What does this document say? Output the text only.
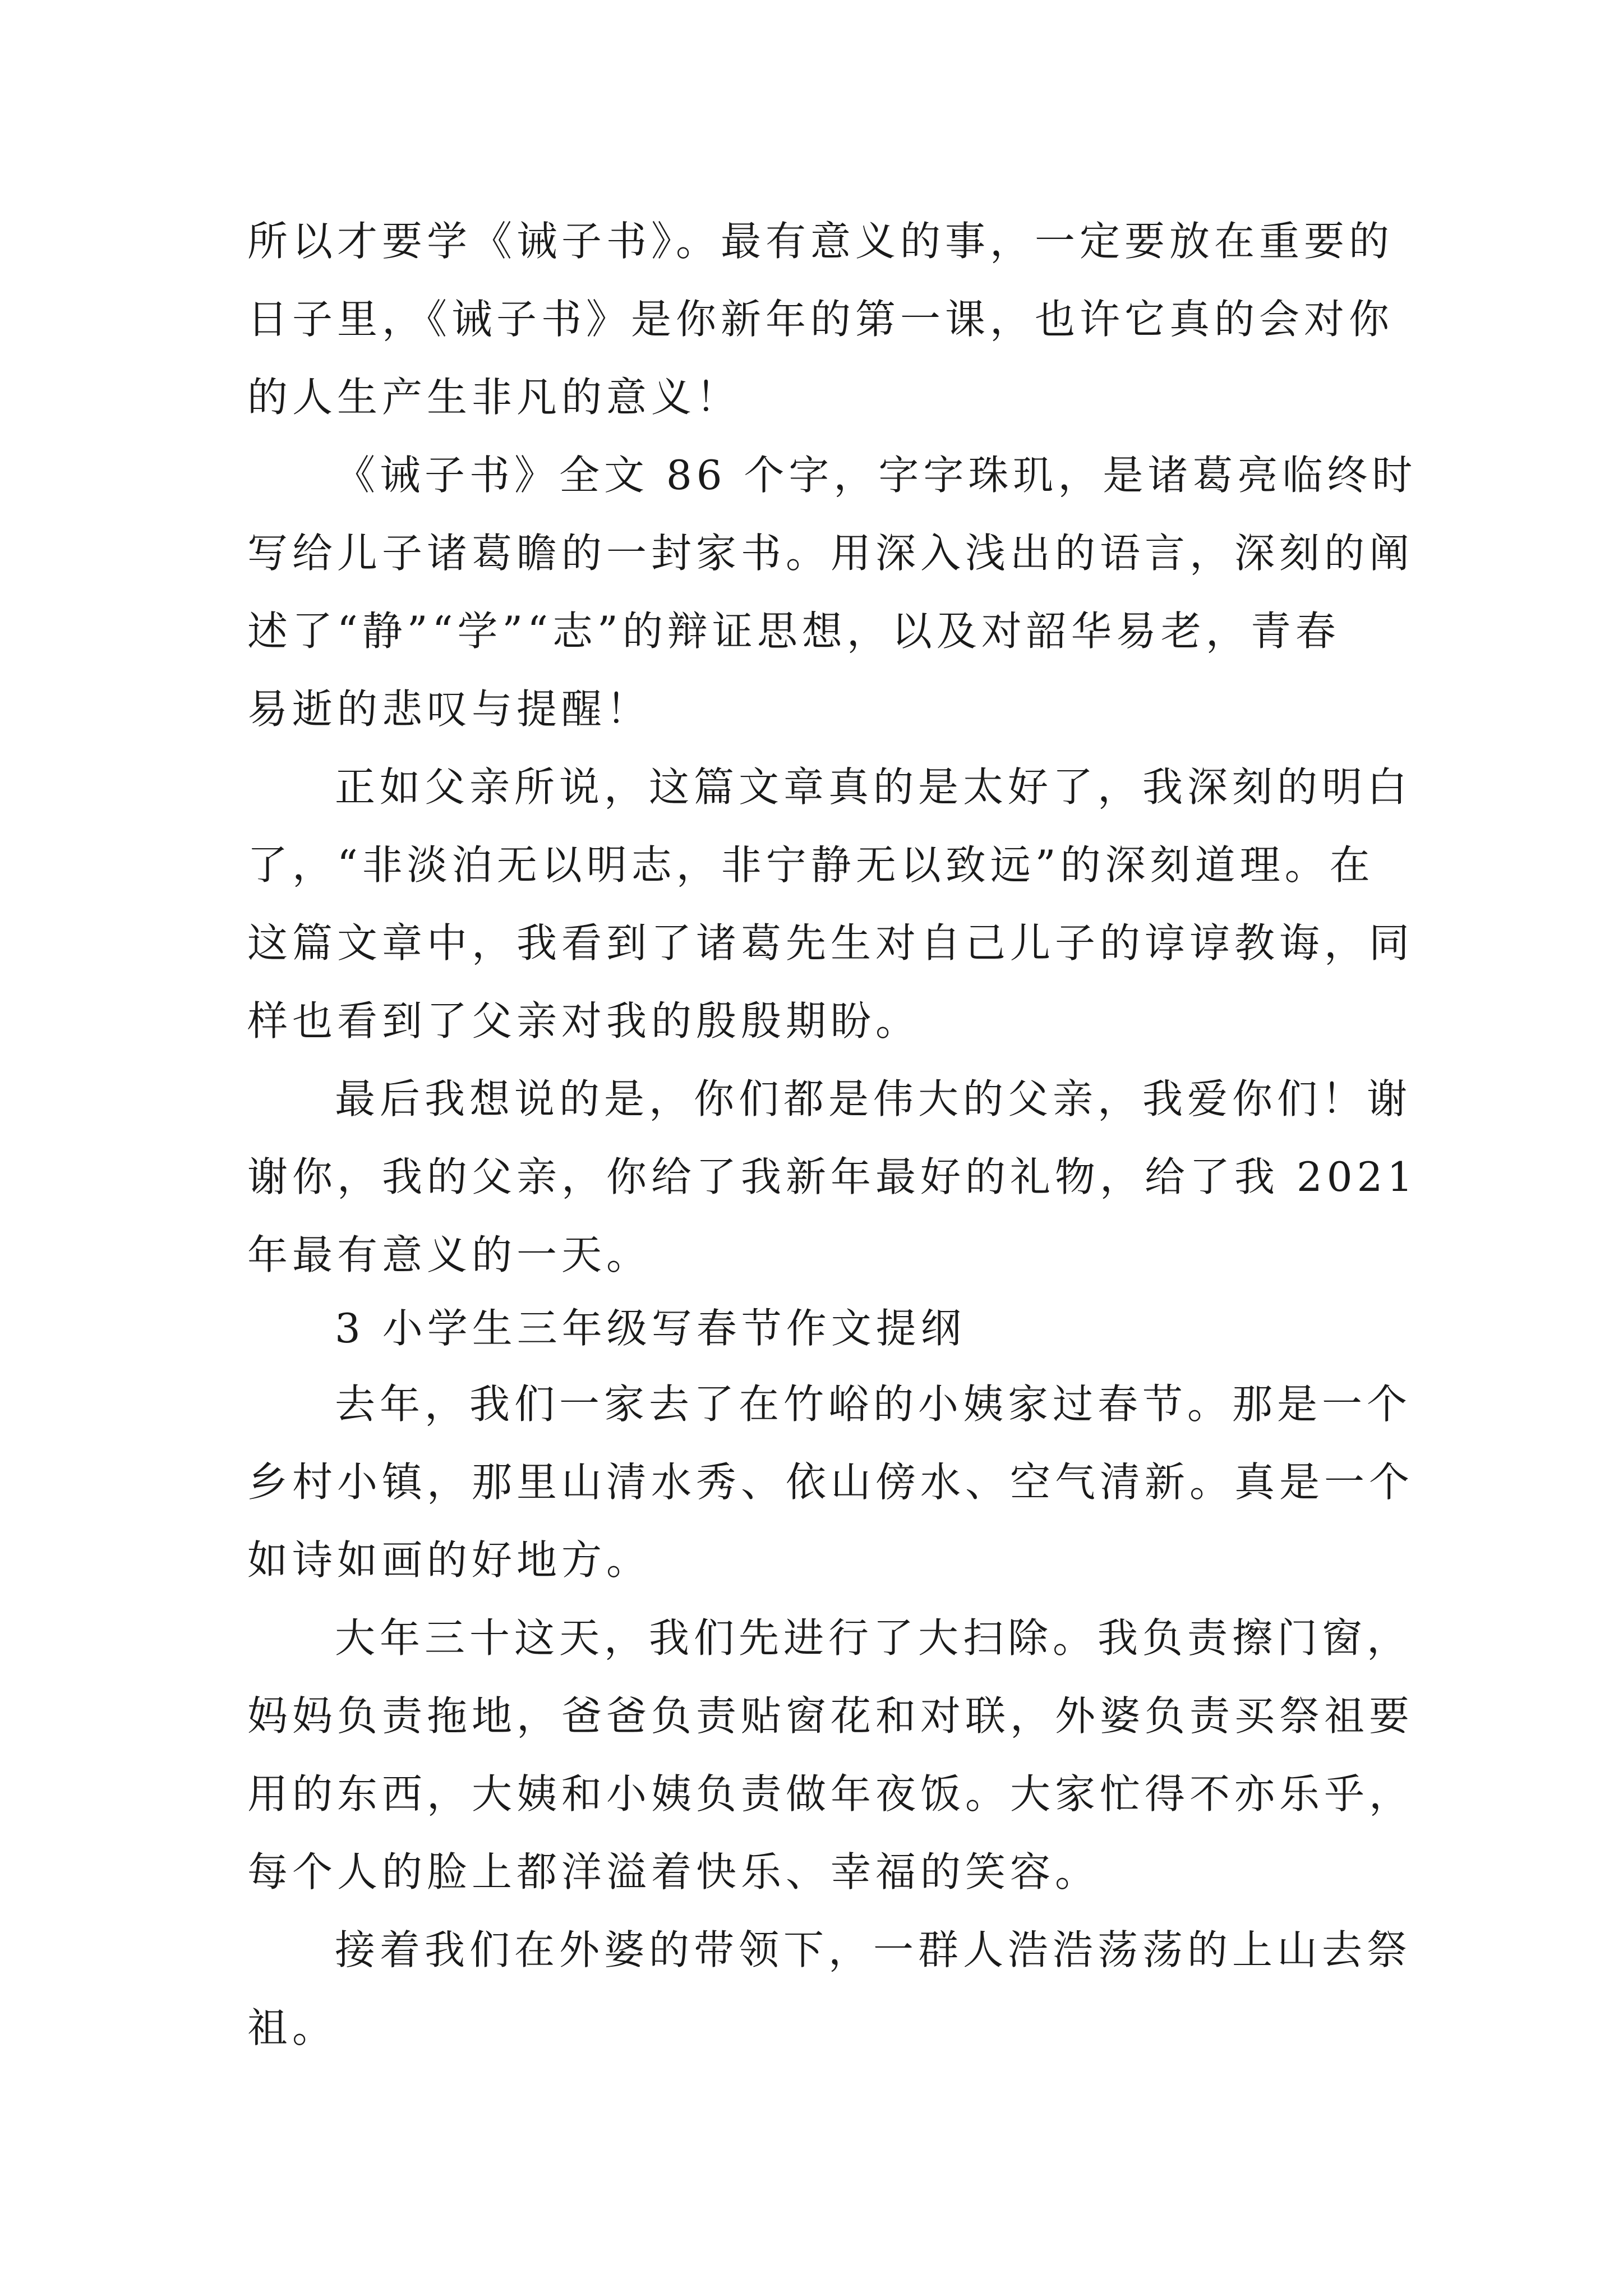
所以才要学《诫子书》。最有意义的事，一定要放在重要的
日子里，《诫子书》是你新年的第一课，也许它真的会对你
的人生产生非凡的意义！
《诫子书》全文 86 个字，字字珠玑，是诸葛亮临终时
写给儿子诸葛瞻的一封家书。用深入浅出的语言，深刻的阐
述了“静”“学”“志”的辩证思想，以及对韶华易老，青春
易逝的悲叹与提醒！
正如父亲所说，这篇文章真的是太好了，我深刻的明白
了，“非淡泊无以明志，非宁静无以致远”的深刻道理。在
这篇文章中，我看到了诸葛先生对自己儿子的谆谆教诲，同
样也看到了父亲对我的殷殷期盼。
最后我想说的是，你们都是伟大的父亲，我爱你们！谢
谢你，我的父亲，你给了我新年最好的礼物，给了我 2021
年最有意义的一天。
3 小学生三年级写春节作文提纲
去年，我们一家去了在竹峪的小姨家过春节。那是一个
乡村小镇，那里山清水秀、依山傍水、空气清新。真是一个
如诗如画的好地方。
大年三十这天，我们先进行了大扫除。我负责擦门窗，
妈妈负责拖地，爸爸负责贴窗花和对联，外婆负责买祭祖要
用的东西，大姨和小姨负责做年夜饭。大家忙得不亦乐乎，
每个人的脸上都洋溢着快乐、幸福的笑容。
接着我们在外婆的带领下，一群人浩浩荡荡的上山去祭
祖。
